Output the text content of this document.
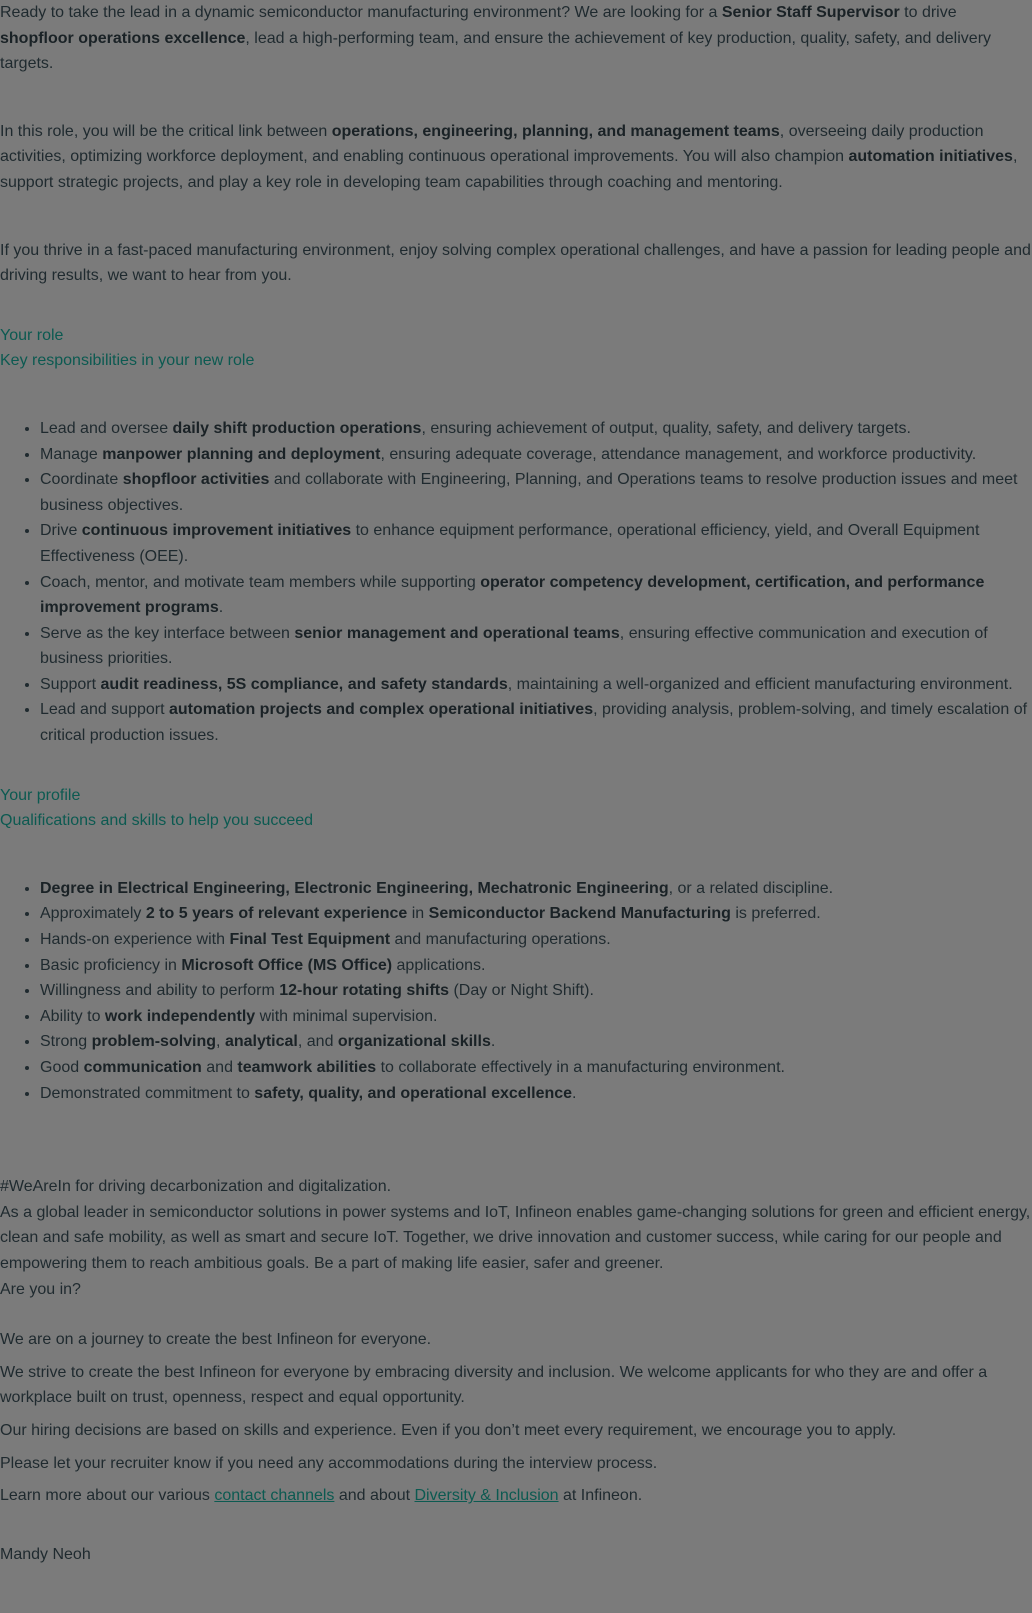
Ready to take the lead in a dynamic semiconductor manufacturing environment? We are looking for a Senior Staff Supervisor to drive shopfloor operations excellence, lead a high-performing team, and ensure the achievement of key production, quality, safety, and delivery targets.

In this role, you will be the critical link between operations, engineering, planning, and management teams, overseeing daily production activities, optimizing workforce deployment, and enabling continuous operational improvements. You will also champion automation initiatives, support strategic projects, and play a key role in developing team capabilities through coaching and mentoring.

If you thrive in a fast-paced manufacturing environment, enjoy solving complex operational challenges, and have a passion for leading people and driving results, we want to hear from you.

Your role
Key responsibilities in your new role
• Lead and oversee daily shift production operations, ensuring achievement of output, quality, safety, and delivery targets.
• Manage manpower planning and deployment, ensuring adequate coverage, attendance management, and workforce productivity.
• Coordinate shopfloor activities and collaborate with Engineering, Planning, and Operations teams to resolve production issues and meet business objectives.
• Drive continuous improvement initiatives to enhance equipment performance, operational efficiency, yield, and Overall Equipment Effectiveness (OEE).
• Coach, mentor, and motivate team members while supporting operator competency development, certification, and performance improvement programs.
• Serve as the key interface between senior management and operational teams, ensuring effective communication and execution of business priorities.
• Support audit readiness, 5S compliance, and safety standards, maintaining a well-organized and efficient manufacturing environment.
• Lead and support automation projects and complex operational initiatives, providing analysis, problem-solving, and timely escalation of critical production issues.
Your profile
Qualifications and skills to help you succeed
• Degree in Electrical Engineering, Electronic Engineering, Mechatronic Engineering, or a related discipline.
• Approximately 2 to 5 years of relevant experience in Semiconductor Backend Manufacturing is preferred.
• Hands-on experience with Final Test Equipment and manufacturing operations.
• Basic proficiency in Microsoft Office (MS Office) applications.
• Willingness and ability to perform 12-hour rotating shifts (Day or Night Shift).
• Ability to work independently with minimal supervision.
• Strong problem-solving, analytical, and organizational skills.
• Good communication and teamwork abilities to collaborate effectively in a manufacturing environment.
• Demonstrated commitment to safety, quality, and operational excellence.
#WeAreIn for driving decarbonization and digitalization.
As a global leader in semiconductor solutions in power systems and IoT, Infineon enables game-changing solutions for green and efficient energy, clean and safe mobility, as well as smart and secure IoT. Together, we drive innovation and customer success, while caring for our people and empowering them to reach ambitious goals. Be a part of making life easier, safer and greener.
Are you in?
We are on a journey to create the best Infineon for everyone.
We strive to create the best Infineon for everyone by embracing diversity and inclusion. We welcome applicants for who they are and offer a workplace built on trust, openness, respect and equal opportunity.
Our hiring decisions are based on skills and experience. Even if you don’t meet every requirement, we encourage you to apply.
Please let your recruiter know if you need any accommodations during the interview process.
Learn more about our various contact channels and about Diversity & Inclusion at Infineon.
Mandy Neoh
